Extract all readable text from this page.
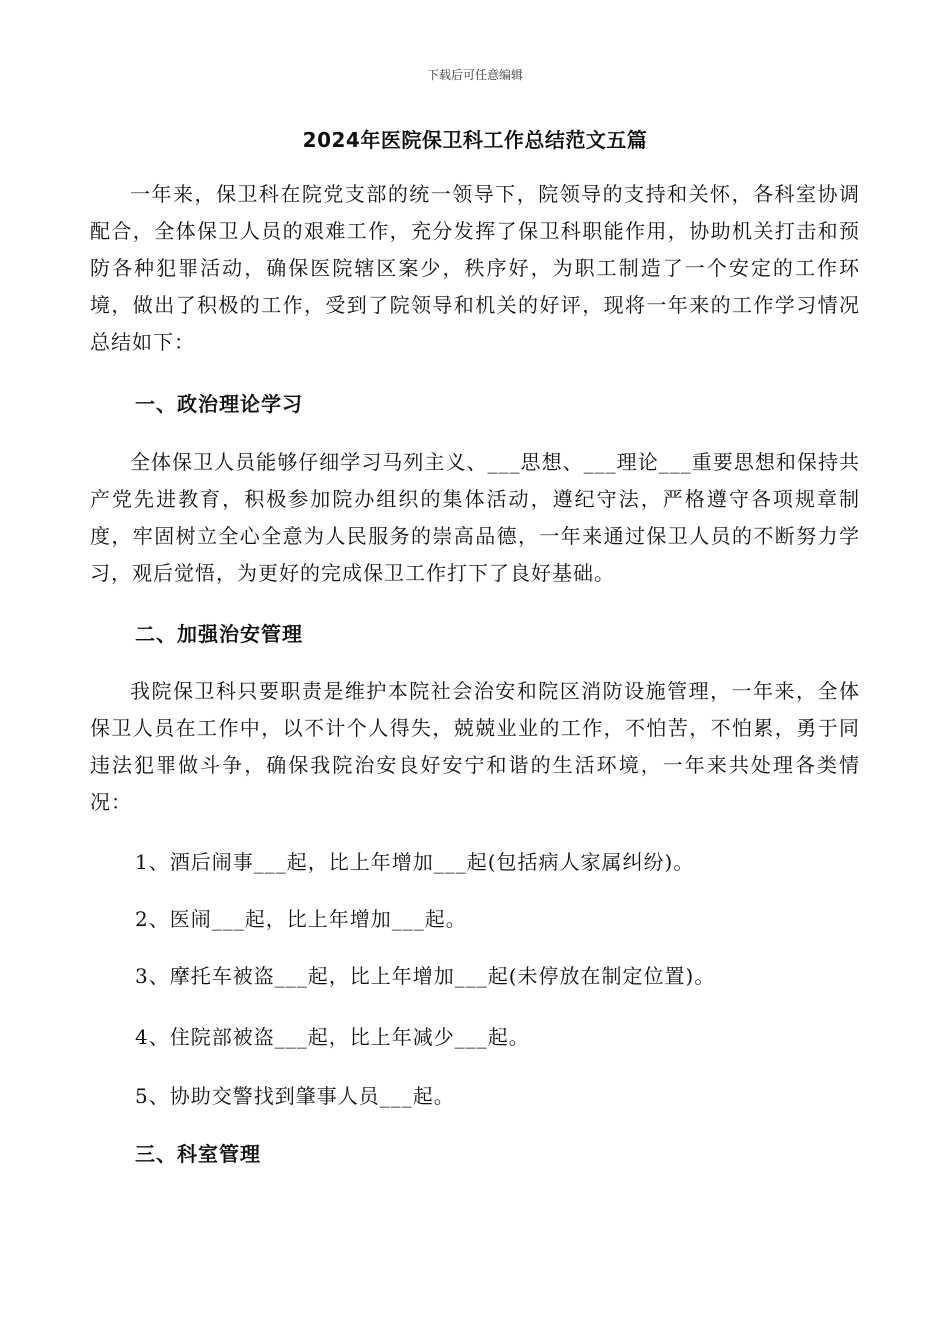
下载后可任意编辑
2024年医院保卫科工作总结范文五篇

一年来，保卫科在院党支部的统一领导下，院领导的支持和关怀，各科室协调配合，全体保卫人员的艰难工作，充分发挥了保卫科职能作用，协助机关打击和预防各种犯罪活动，确保医院辖区案少，秩序好，为职工制造了一个安定的工作环境，做出了积极的工作，受到了院领导和机关的好评，现将一年来的工作学习情况总结如下：

一、政治理论学习

全体保卫人员能够仔细学习马列主义、___思想、___理论___重要思想和保持共产党先进教育，积极参加院办组织的集体活动，遵纪守法，严格遵守各项规章制度，牢固树立全心全意为人民服务的崇高品德，一年来通过保卫人员的不断努力学习，观后觉悟，为更好的完成保卫工作打下了良好基础。

二、加强治安管理

我院保卫科只要职责是维护本院社会治安和院区消防设施管理，一年来，全体保卫人员在工作中，以不计个人得失，兢兢业业的工作，不怕苦，不怕累，勇于同违法犯罪做斗争，确保我院治安良好安宁和谐的生活环境，一年来共处理各类情况：

1、酒后闹事___起，比上年增加___起(包括病人家属纠纷)。

2、医闹___起，比上年增加___起。

3、摩托车被盗___起，比上年增加___起(未停放在制定位置)。

4、住院部被盗___起，比上年减少___起。

5、协助交警找到肇事人员___起。

三、科室管理
